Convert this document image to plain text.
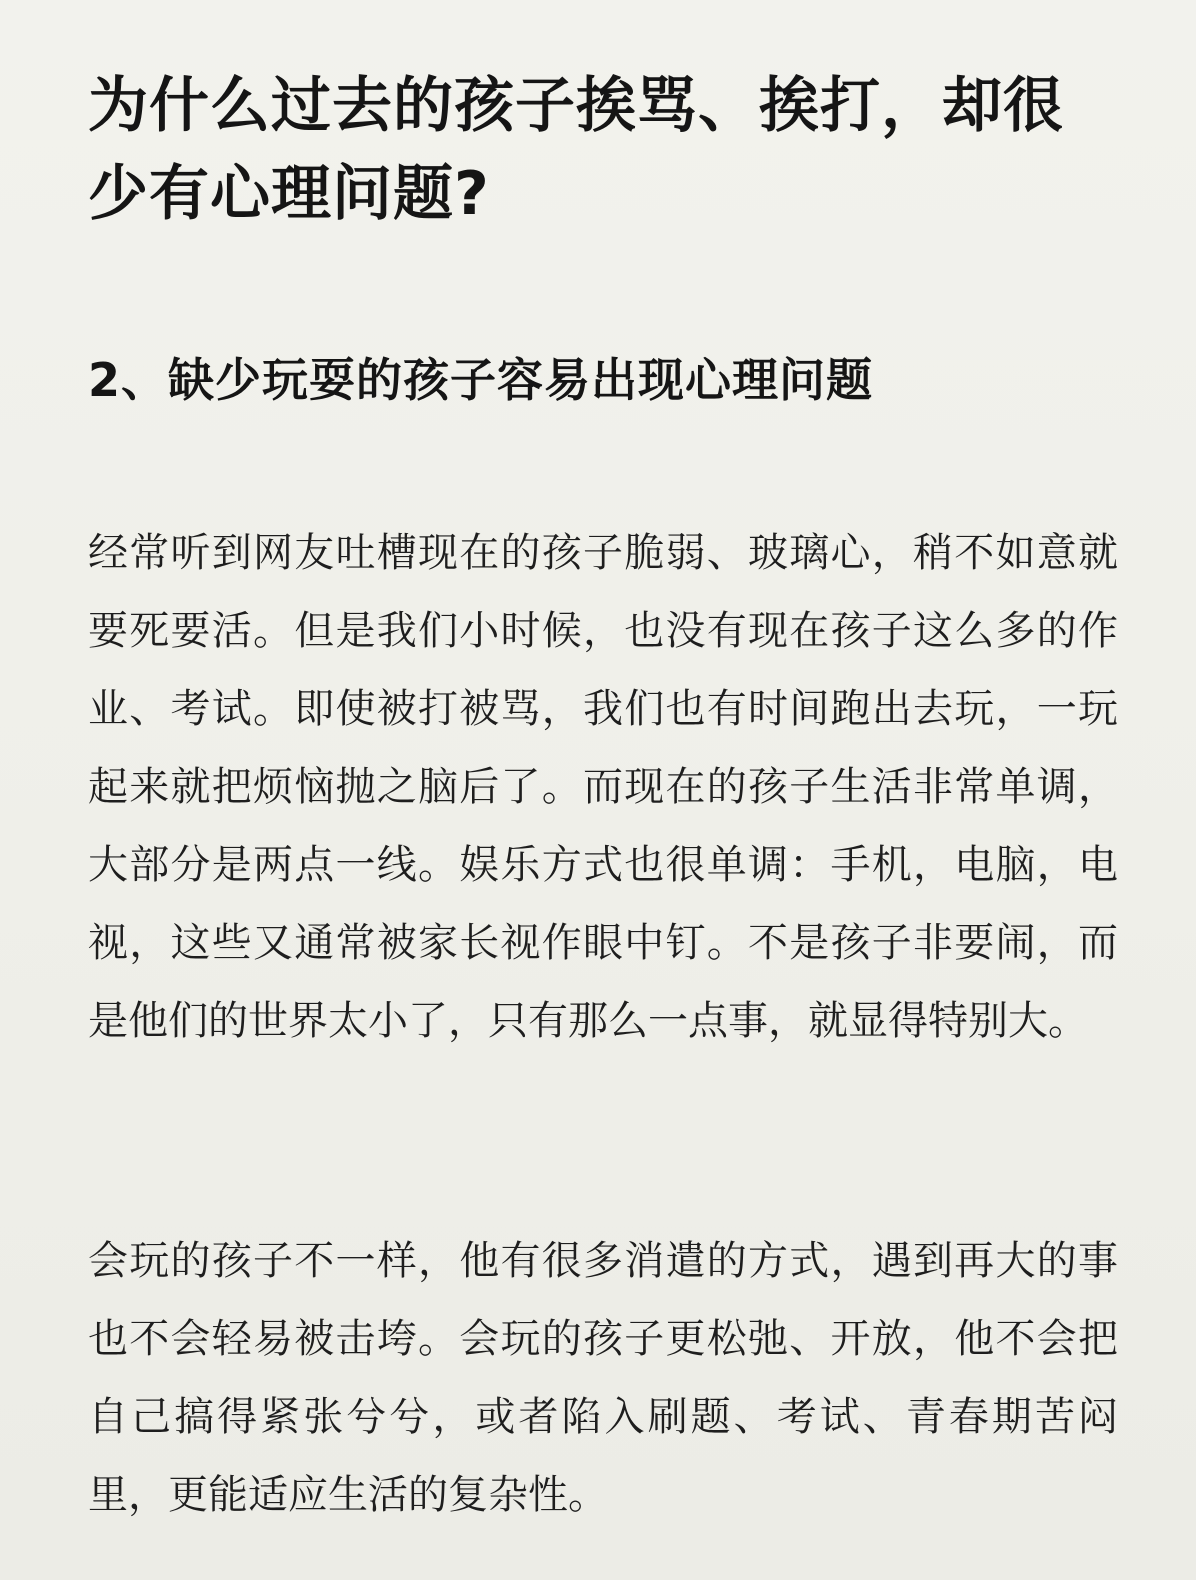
为什么过去的孩子挨骂、挨打，却很少有心理问题?
2、缺少玩耍的孩子容易出现心理问题

经常听到网友吐槽现在的孩子脆弱、玻璃心，稍不如意就要死要活。但是我们小时候，也没有现在孩子这么多的作业、考试。即使被打被骂，我们也有时间跑出去玩，一玩起来就把烦恼抛之脑后了。而现在的孩子生活非常单调，大部分是两点一线。娱乐方式也很单调：手机，电脑，电视，这些又通常被家长视作眼中钉。不是孩子非要闹，而是他们的世界太小了，只有那么一点事，就显得特别大。

会玩的孩子不一样，他有很多消遣的方式，遇到再大的事也不会轻易被击垮。会玩的孩子更松弛、开放，他不会把自己搞得紧张兮兮，或者陷入刷题、考试、青春期苦闷里，更能适应生活的复杂性。
